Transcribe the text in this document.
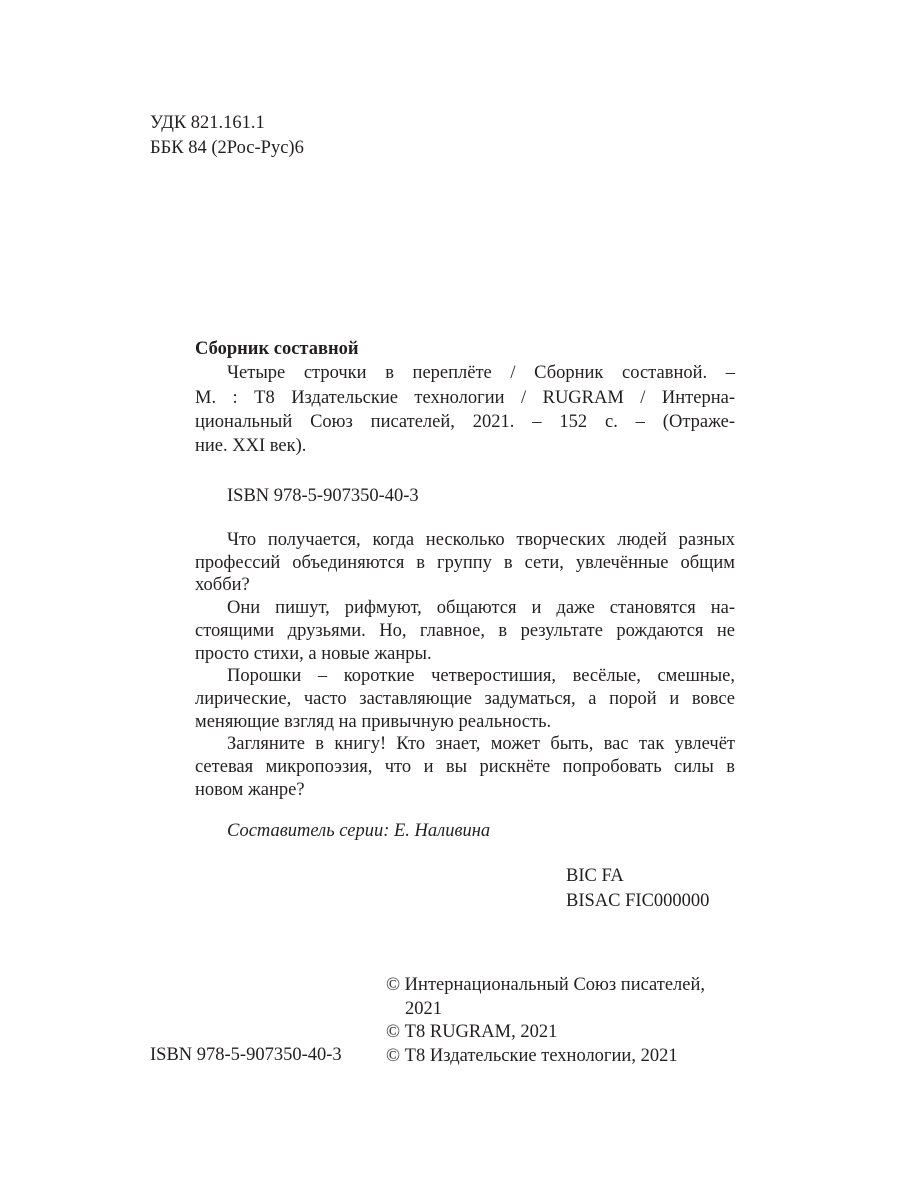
УДК 821.161.1
ББК 84 (2Рос-Рус)6
Сборник составной
Четыре строчки в переплёте / Сборник составной. –
М. : Т8 Издательские технологии / RUGRAM / Интерна-
циональный Союз писателей, 2021. – 152 с. – (Отраже-
ние. XXI век).
ISBN 978-5-907350-40-3
Что получается, когда несколько творческих людей разных
профессий объединяются в группу в сети, увлечённые общим
хобби?
Они пишут, рифмуют, общаются и даже становятся на-
стоящими друзьями. Но, главное, в результате рождаются не
просто стихи, а новые жанры.
Порошки – короткие четверостишия, весёлые, смешные,
лирические, часто заставляющие задуматься, а порой и вовсе
меняющие взгляд на привычную реальность.
Загляните в книгу! Кто знает, может быть, вас так увлечёт
сетевая микропоэзия, что и вы рискнёте попробовать силы в
новом жанре?
Составитель серии: Е. Наливина
BIC FA
BISAC FIC000000
ISBN 978-5-907350-40-3
© Интернациональный Союз писателей,
2021
© Т8 RUGRAM, 2021
© Т8 Издательские технологии, 2021
